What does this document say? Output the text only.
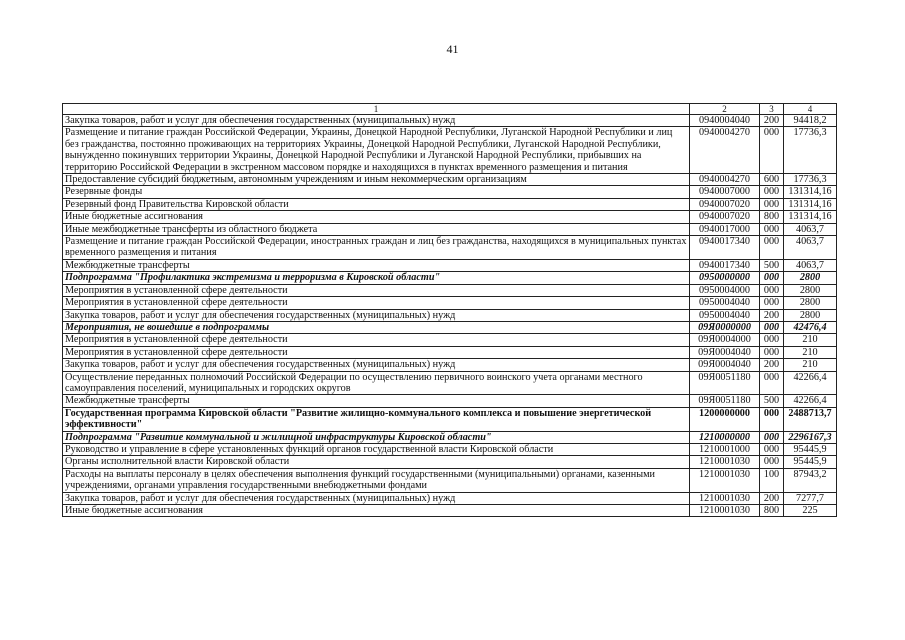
41
1	2	3	4
Закупка товаров, работ и услуг для обеспечения государственных (муниципальных) нужд	0940004040	200	94418,2
Размещение и питание граждан Российской Федерации, Украины, Донецкой Народной Республики, Луганской Народной Республики и лиц без гражданства, постоянно проживающих на территориях Украины, Донецкой Народной Республики, Луганской Народной Республики, вынужденно покинувших территории Украины, Донецкой Народной Республики и Луганской Народной Республики, прибывших на территорию Российской Федерации в экстренном массовом порядке и находящихся в пунктах временного размещения и питания	0940004270	000	17736,3
Предоставление субсидий бюджетным, автономным учреждениям и иным некоммерческим организациям	0940004270	600	17736,3
Резервные фонды	0940007000	000	131314,16
Резервный фонд Правительства Кировской области	0940007020	000	131314,16
Иные бюджетные ассигнования	0940007020	800	131314,16
Иные межбюджетные трансферты из областного бюджета	0940017000	000	4063,7
Размещение и питание граждан Российской Федерации, иностранных граждан и лиц без гражданства, находящихся в муниципальных пунктах временного размещения и питания	0940017340	000	4063,7
Межбюджетные трансферты	0940017340	500	4063,7
Подпрограмма "Профилактика экстремизма и терроризма в Кировской области"	0950000000	000	2800
Мероприятия в установленной сфере деятельности	0950004000	000	2800
Мероприятия в установленной сфере деятельности	0950004040	000	2800
Закупка товаров, работ и услуг для обеспечения государственных (муниципальных) нужд	0950004040	200	2800
Мероприятия, не вошедшие в подпрограммы	09Я0000000	000	42476,4
Мероприятия в установленной сфере деятельности	09Я0004000	000	210
Мероприятия в установленной сфере деятельности	09Я0004040	000	210
Закупка товаров, работ и услуг для обеспечения государственных (муниципальных) нужд	09Я0004040	200	210
Осуществление переданных полномочий Российской Федерации по осуществлению первичного воинского учета органами местного самоуправления поселений, муниципальных и городских округов	09Я0051180	000	42266,4
Межбюджетные трансферты	09Я0051180	500	42266,4
Государственная программа Кировской области "Развитие жилищно-коммунального комплекса и повышение энергетической эффективности"	1200000000	000	2488713,7
Подпрограмма "Развитие коммунальной и жилищной инфраструктуры Кировской области"	1210000000	000	2296167,3
Руководство и управление в сфере установленных функций органов государственной власти Кировской области	1210001000	000	95445,9
Органы исполнительной власти Кировской области	1210001030	000	95445,9
Расходы на выплаты персоналу в целях обеспечения выполнения функций государственными (муниципальными) органами, казенными учреждениями, органами управления государственными внебюджетными фондами	1210001030	100	87943,2
Закупка товаров, работ и услуг для обеспечения государственных (муниципальных) нужд	1210001030	200	7277,7
Иные бюджетные ассигнования	1210001030	800	225
